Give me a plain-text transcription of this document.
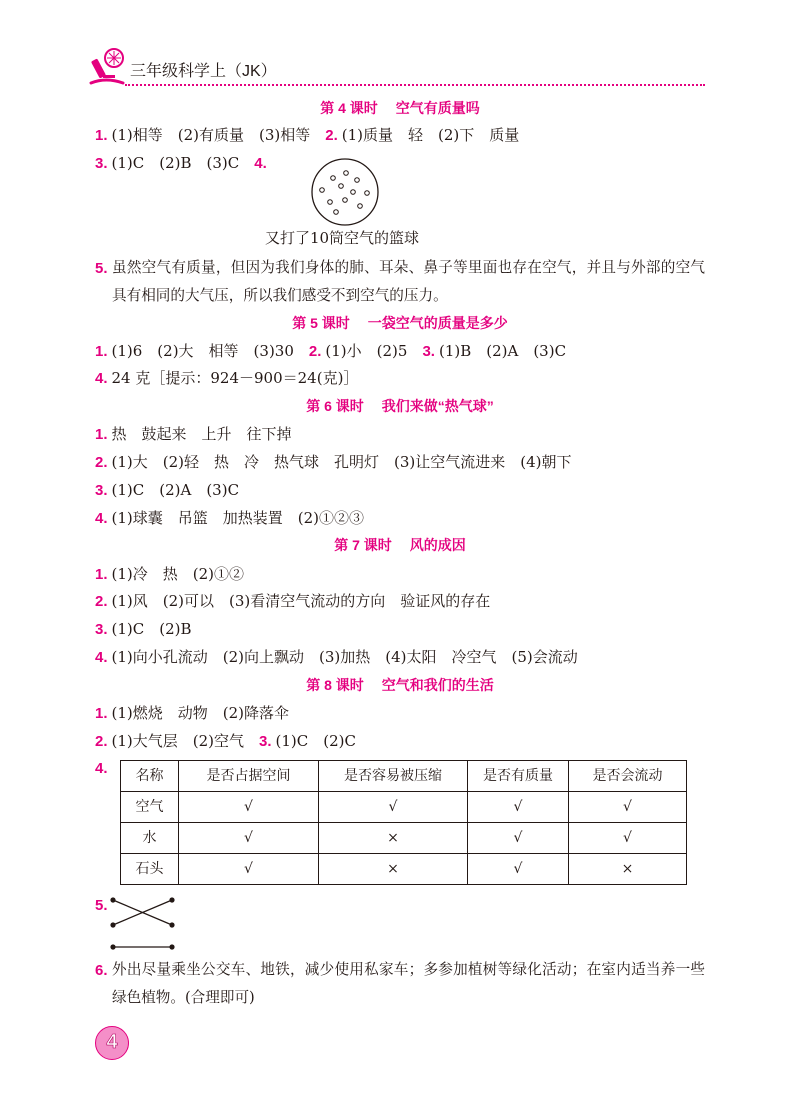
三年级科学上（JK）
第 4 课时 空气有质量吗
1. (1)相等　(2)有质量　(3)相等 2. (1)质量　轻　(2)下　质量
3. (1)C　(2)B　(3)C 4.
又打了10筒空气的篮球
5. 虽然空气有质量，但因为我们身体的肺、耳朵、鼻子等里面也存在空气，并且与外部的空气
具有相同的大气压，所以我们感受不到空气的压力。
第 5 课时 一袋空气的质量是多少
1. (1)6　(2)大　相等　(3)30 2. (1)小　(2)5 3. (1)B　(2)A　(3)C
4. 24 克［提示：924－900＝24(克)］
第 6 课时 我们来做“热气球”
1. 热　鼓起来　上升　往下掉
2. (1)大　(2)轻　热　冷　热气球　孔明灯　(3)让空气流进来　(4)朝下
3. (1)C　(2)A　(3)C
4. (1)球囊　吊篮　加热装置　(2)①②③
第 7 课时 风的成因
1. (1)冷　热　(2)①②
2. (1)风　(2)可以　(3)看清空气流动的方向　验证风的存在
3. (1)C　(2)B
4. (1)向小孔流动　(2)向上飘动　(3)加热　(4)太阳　冷空气　(5)会流动
第 8 课时 空气和我们的生活
1. (1)燃烧　动物　(2)降落伞
2. (1)大气层　(2)空气 3. (1)C　(2)C
4. 名称	是否占据空间	是否容易被压缩	是否有质量	是否会流动
空气	√	√	√	√
水	√	×	√	√
石头	√	×	√	×
5.
6. 外出尽量乘坐公交车、地铁，减少使用私家车；多参加植树等绿化活动；在室内适当养一些
绿色植物。(合理即可)
4
